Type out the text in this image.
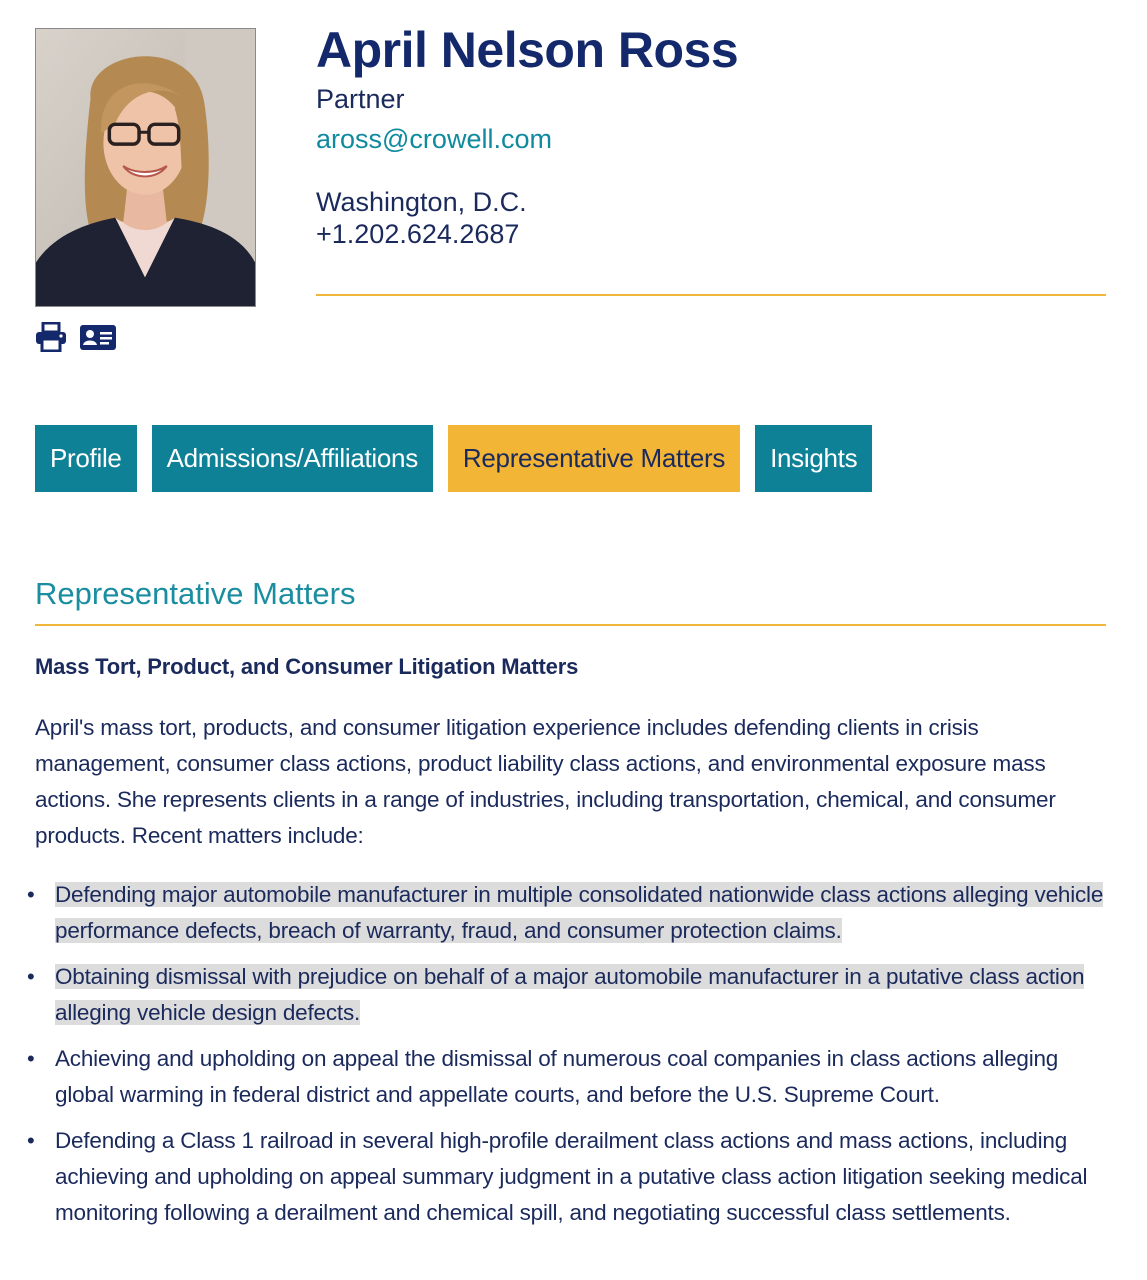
April Nelson Ross
Partner
aross@crowell.com
Washington, D.C.
+1.202.624.2687
Profile	Admissions/Affiliations	Representative Matters	Insights
Representative Matters
Mass Tort, Product, and Consumer Litigation Matters

April's mass tort, products, and consumer litigation experience includes defending clients in crisis management, consumer class actions, product liability class actions, and environmental exposure mass actions. She represents clients in a range of industries, including transportation, chemical, and consumer products. Recent matters include:

• Defending major automobile manufacturer in multiple consolidated nationwide class actions alleging vehicle performance defects, breach of warranty, fraud, and consumer protection claims.
• Obtaining dismissal with prejudice on behalf of a major automobile manufacturer in a putative class action alleging vehicle design defects.
• Achieving and upholding on appeal the dismissal of numerous coal companies in class actions alleging global warming in federal district and appellate courts, and before the U.S. Supreme Court.
• Defending a Class 1 railroad in several high-profile derailment class actions and mass actions, including achieving and upholding on appeal summary judgment in a putative class action litigation seeking medical monitoring following a derailment and chemical spill, and negotiating successful class settlements.
